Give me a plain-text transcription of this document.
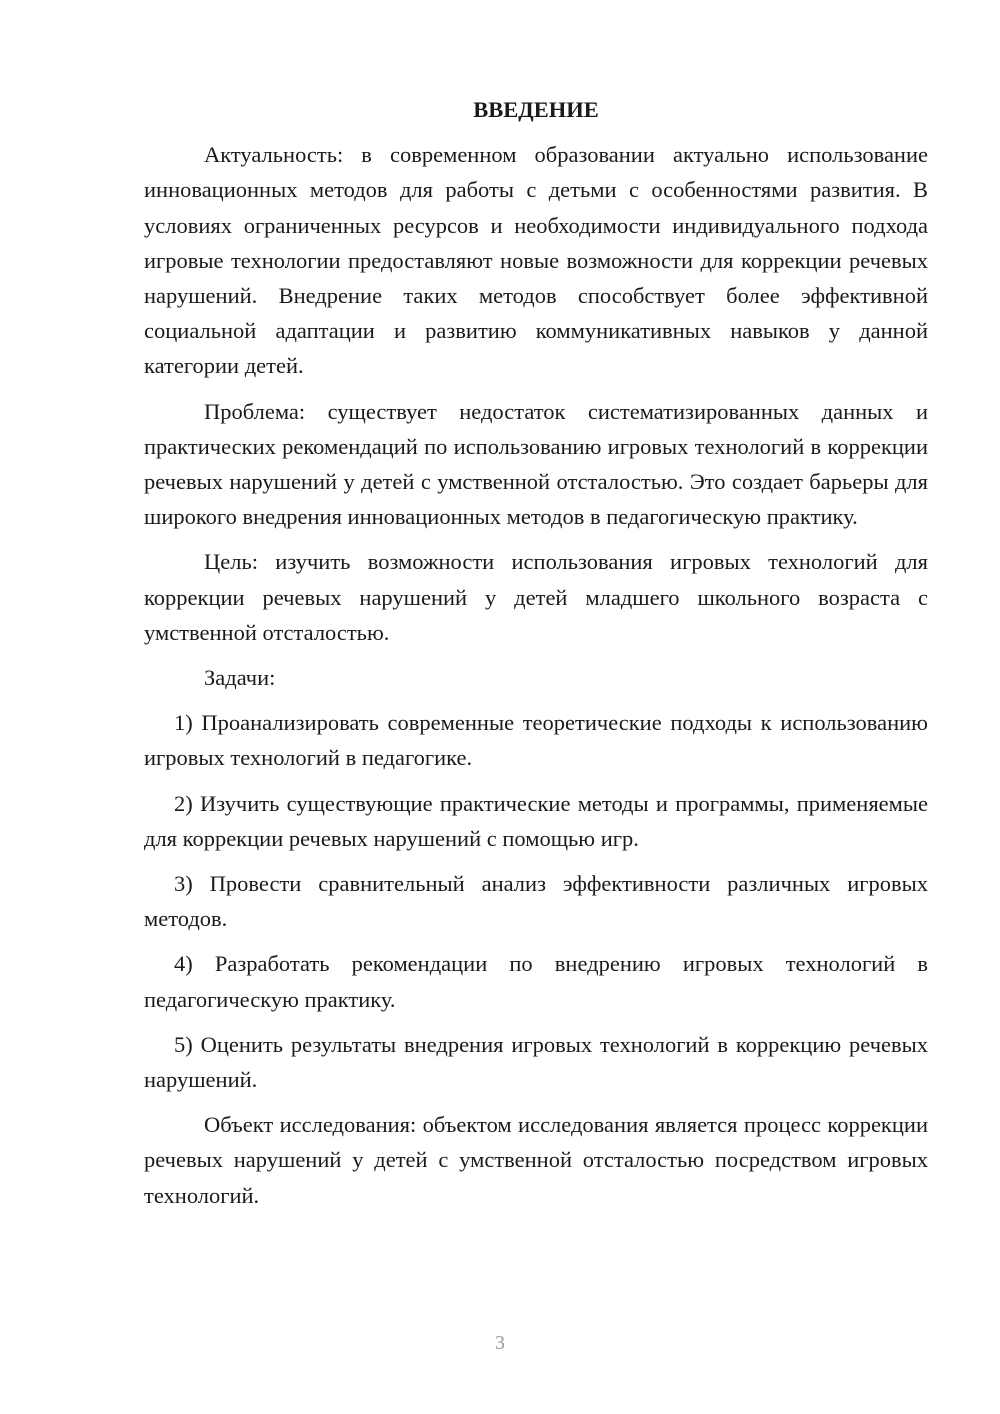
ВВЕДЕНИЕ

Актуальность: в современном образовании актуально использование инновационных методов для работы с детьми с особенностями развития. В условиях ограниченных ресурсов и необходимости индивидуального подхода игровые технологии предоставляют новые возможности для коррекции речевых нарушений. Внедрение таких методов способствует более эффективной социальной адаптации и развитию коммуникативных навыков у данной категории детей.

Проблема: существует недостаток систематизированных данных и практических рекомендаций по использованию игровых технологий в коррекции речевых нарушений у детей с умственной отсталостью. Это создает барьеры для широкого внедрения инновационных методов в педагогическую практику.

Цель: изучить возможности использования игровых технологий для коррекции речевых нарушений у детей младшего школьного возраста с умственной отсталостью.

Задачи:

1) Проанализировать современные теоретические подходы к использованию игровых технологий в педагогике.

2) Изучить существующие практические методы и программы, применяемые для коррекции речевых нарушений с помощью игр.

3) Провести сравнительный анализ эффективности различных игровых методов.

4) Разработать рекомендации по внедрению игровых технологий в педагогическую практику.

5) Оценить результаты внедрения игровых технологий в коррекцию речевых нарушений.

Объект исследования: объектом исследования является процесс коррекции речевых нарушений у детей с умственной отсталостью посредством игровых технологий.

3
